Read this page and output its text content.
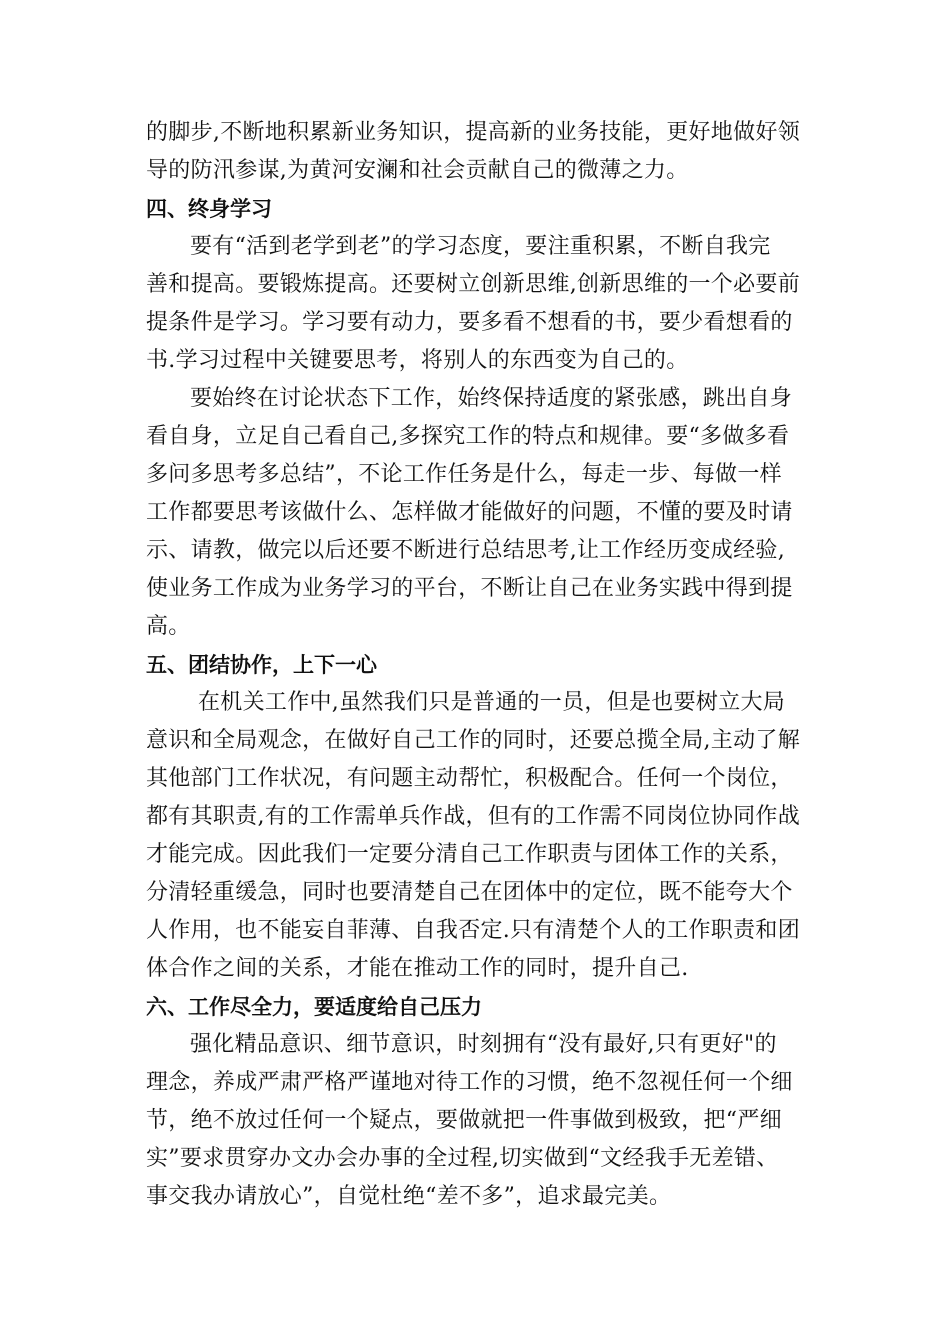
的脚步,不断地积累新业务知识，提高新的业务技能，更好地做好领
导的防汛参谋,为黄河安澜和社会贡献自己的微薄之力。
四、终身学习
要有“活到老学到老”的学习态度，要注重积累，不断自我完
善和提高。要锻炼提高。还要树立创新思维,创新思维的一个必要前
提条件是学习。学习要有动力，要多看不想看的书，要少看想看的
书.学习过程中关键要思考，将别人的东西变为自己的。
要始终在讨论状态下工作，始终保持适度的紧张感，跳出自身
看自身，立足自己看自己,多探究工作的特点和规律。要“多做多看
多问多思考多总结”，不论工作任务是什么，每走一步、每做一样
工作都要思考该做什么、怎样做才能做好的问题，不懂的要及时请
示、请教，做完以后还要不断进行总结思考,让工作经历变成经验,
使业务工作成为业务学习的平台，不断让自己在业务实践中得到提
高。
五、团结协作，上下一心
在机关工作中,虽然我们只是普通的一员，但是也要树立大局
意识和全局观念，在做好自己工作的同时，还要总揽全局,主动了解
其他部门工作状况，有问题主动帮忙，积极配合。任何一个岗位，
都有其职责,有的工作需单兵作战，但有的工作需不同岗位协同作战
才能完成。因此我们一定要分清自己工作职责与团体工作的关系，
分清轻重缓急，同时也要清楚自己在团体中的定位，既不能夸大个
人作用，也不能妄自菲薄、自我否定.只有清楚个人的工作职责和团
体合作之间的关系，才能在推动工作的同时，提升自己.
六、工作尽全力，要适度给自己压力
强化精品意识、细节意识，时刻拥有“没有最好,只有更好"的
理念，养成严肃严格严谨地对待工作的习惯，绝不忽视任何一个细
节，绝不放过任何一个疑点，要做就把一件事做到极致，把“严细
实”要求贯穿办文办会办事的全过程,切实做到“文经我手无差错、
事交我办请放心”，自觉杜绝“差不多”，追求最完美。
